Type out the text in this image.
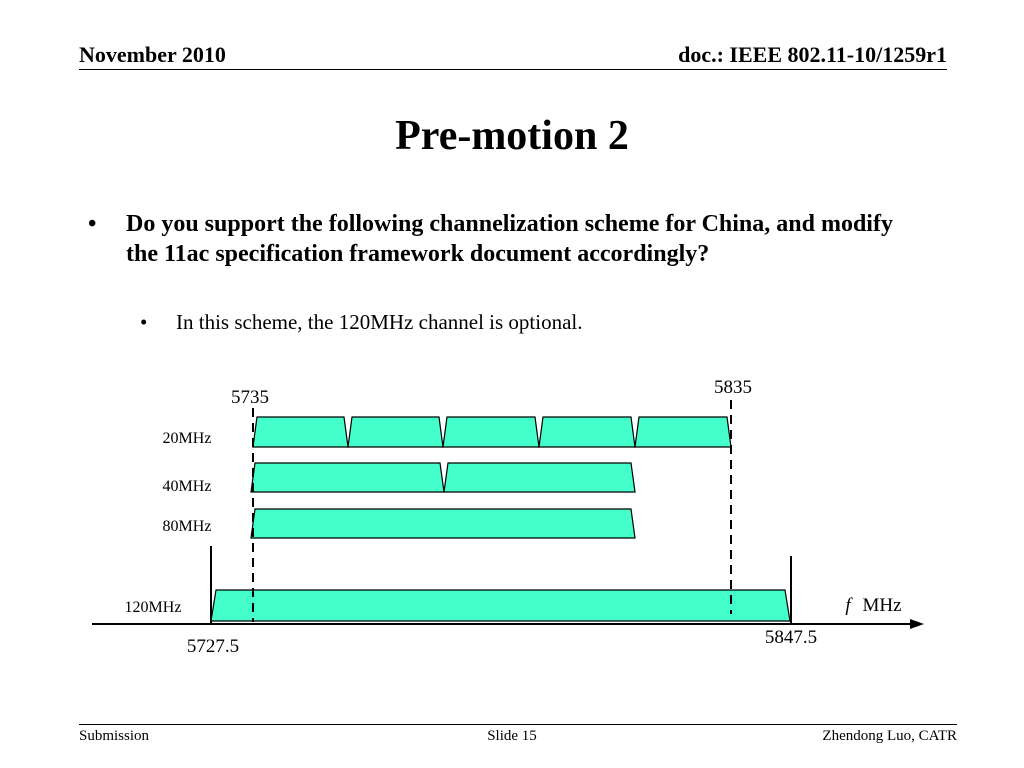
November 2010	doc.: IEEE 802.11-10/1259r1
Pre-motion 2
• Do you support the following channelization scheme for China, and modify the 11ac specification framework document accordingly?
• In this scheme, the 120MHz channel is optional.
20MHz
40MHz
80MHz
120MHz
5735	5835
5727.5	5847.5
f MHz
Submission	Slide 15	Zhendong Luo, CATR
